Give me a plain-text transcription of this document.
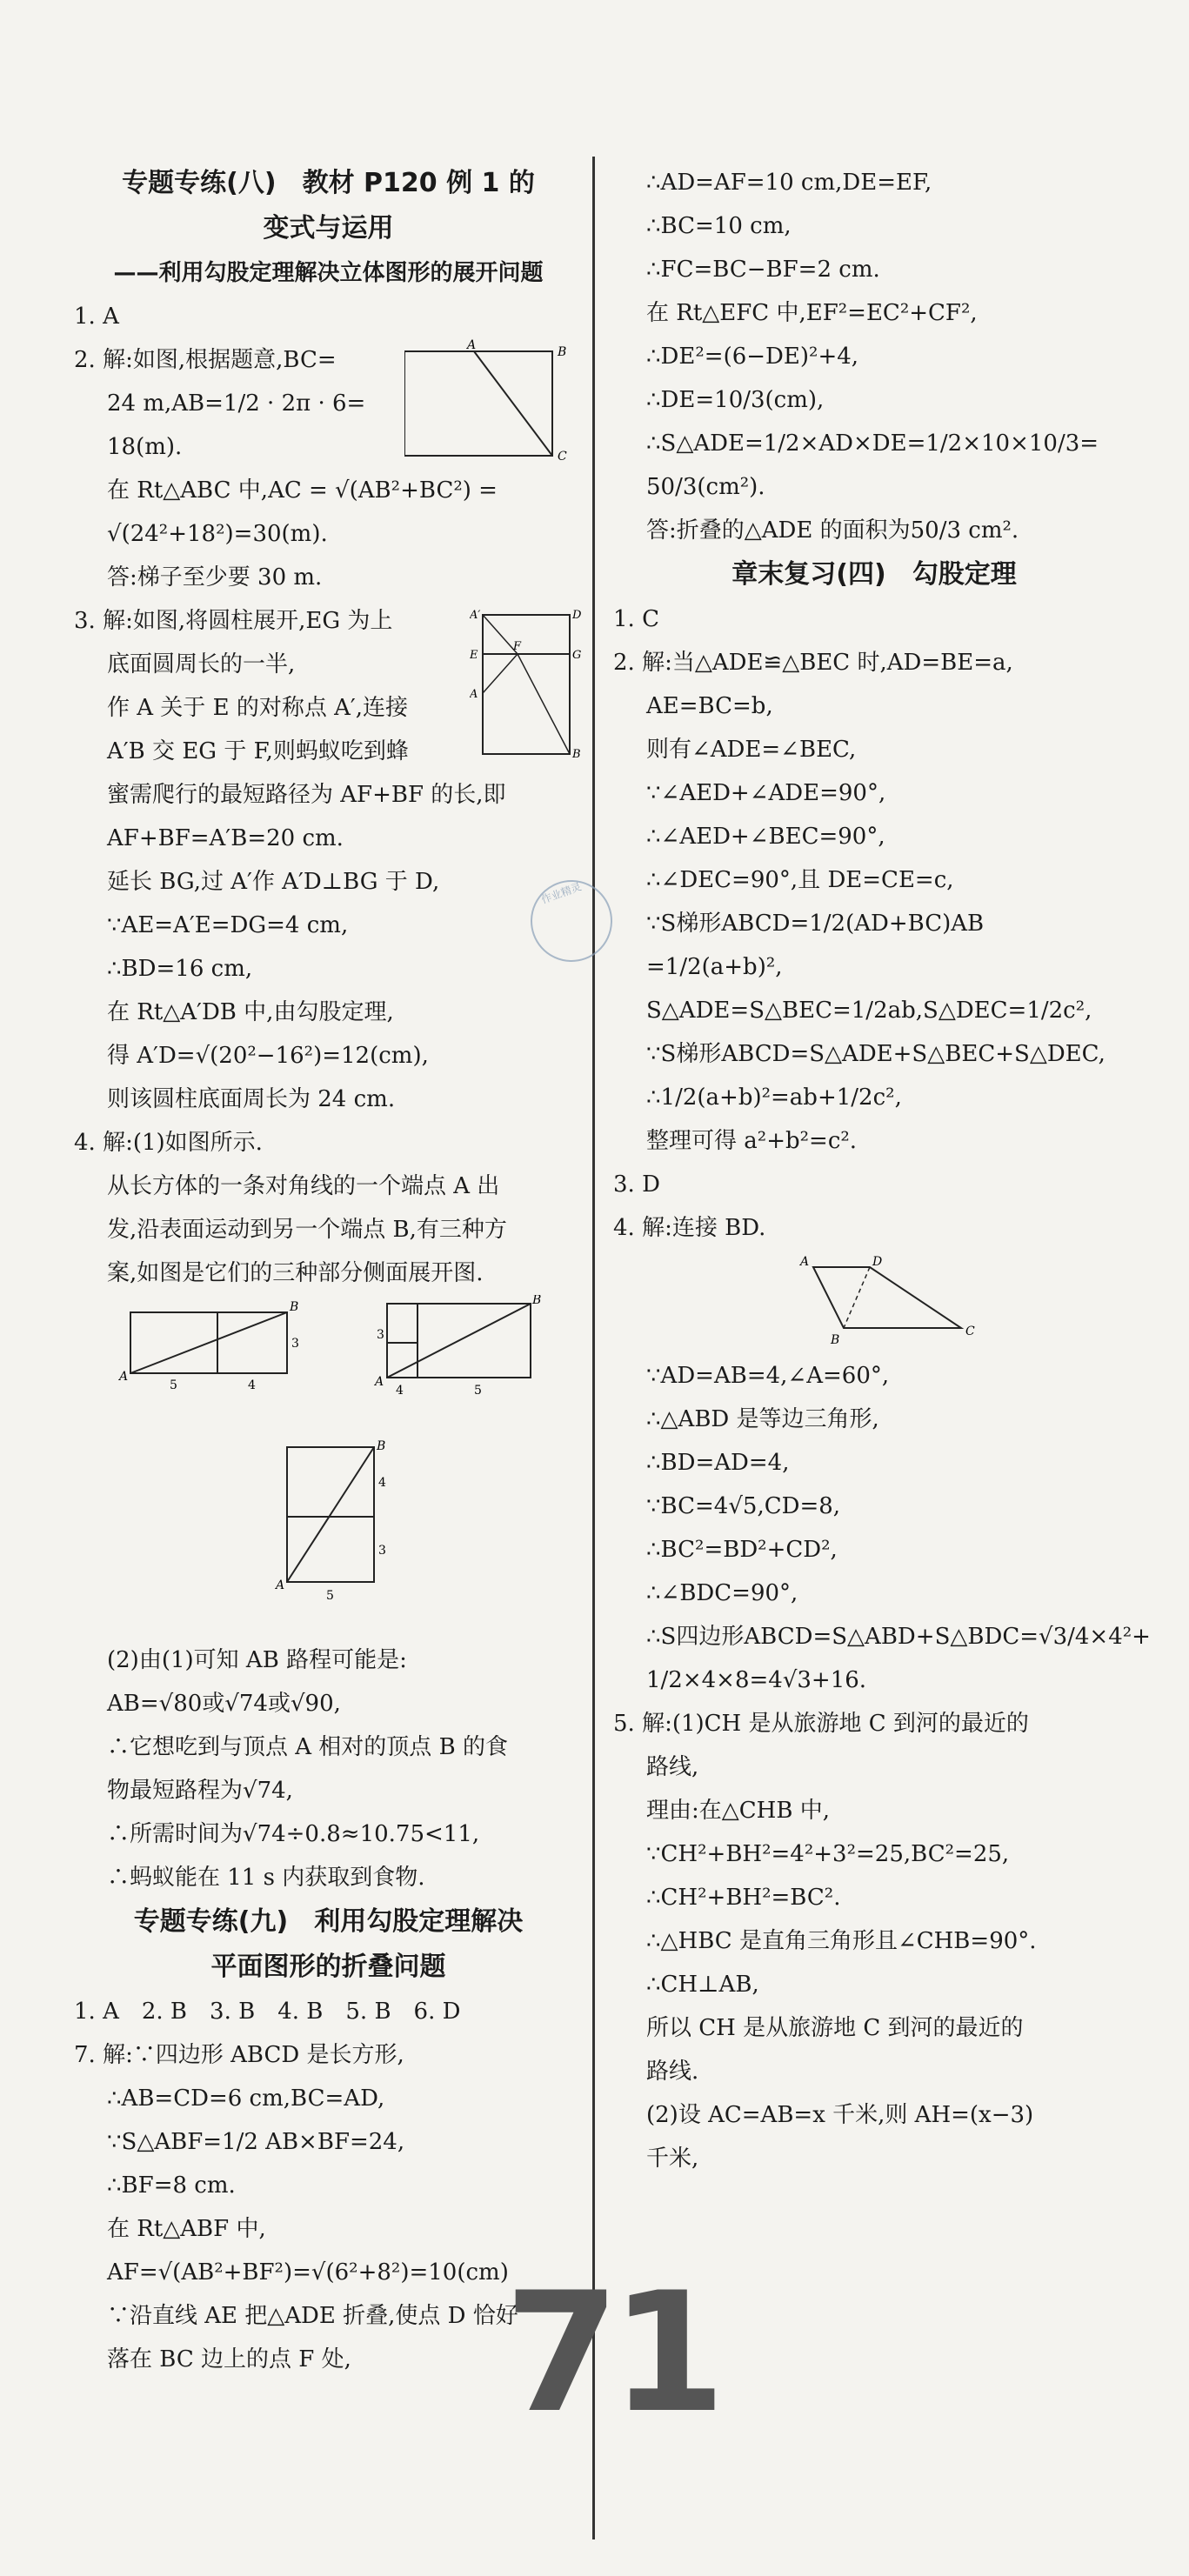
专题专练(八)　教材 P120 例 1 的
变式与运用
——利用勾股定理解决立体图形的展开问题
1. A
2. 解:如图,根据题意,BC=
24 m,AB=1/2 · 2π · 6=
18(m).
A	B
C
在 Rt△ABC 中,AC = √(AB²+BC²) =
√(24²+18²)=30(m).
答:梯子至少要 30 m.
3. 解:如图,将圆柱展开,EG 为上
底面圆周长的一半,
作 A 关于 E 的对称点 A′,连接
A′B 交 EG 于 F,则蚂蚁吃到蜂
A′
E
A
F
G
D
B
蜜需爬行的最短路径为 AF+BF 的长,即
AF+BF=A′B=20 cm.
延长 BG,过 A′作 A′D⊥BG 于 D,
∵AE=A′E=DG=4 cm,
∴BD=16 cm,
在 Rt△A′DB 中,由勾股定理,
得 A′D=√(20²−16²)=12(cm),
则该圆柱底面周长为 24 cm.
4. 解:(1)如图所示.
从长方体的一条对角线的一个端点 A 出
发,沿表面运动到另一个端点 B,有三种方
案,如图是它们的三种部分侧面展开图.
A
B
3
5	4	A
B
3
4	5
A
B
4
3
5
(2)由(1)可知 AB 路程可能是:
AB=√80或√74或√90,
∴它想吃到与顶点 A 相对的顶点 B 的食
物最短路程为√74,
∴所需时间为√74÷0.8≈10.75<11,
∴蚂蚁能在 11 s 内获取到食物.
专题专练(九)　利用勾股定理解决
平面图形的折叠问题
1. A　2. B　3. B　4. B　5. B　6. D
7. 解:∵四边形 ABCD 是长方形,
∴AB=CD=6 cm,BC=AD,
∵S△ABF=1/2 AB×BF=24,
∴BF=8 cm.
在 Rt△ABF 中,
AF=√(AB²+BF²)=√(6²+8²)=10(cm)
∵沿直线 AE 把△ADE 折叠,使点 D 恰好
落在 BC 边上的点 F 处,
∴AD=AF=10 cm,DE=EF,
∴BC=10 cm,
∴FC=BC−BF=2 cm.
在 Rt△EFC 中,EF²=EC²+CF²,
∴DE²=(6−DE)²+4,
∴DE=10/3(cm),
∴S△ADE=1/2×AD×DE=1/2×10×10/3=
50/3(cm²).
答:折叠的△ADE 的面积为50/3 cm².
章末复习(四)　勾股定理
1. C
2. 解:当△ADE≌△BEC 时,AD=BE=a,
AE=BC=b,
则有∠ADE=∠BEC,
∵∠AED+∠ADE=90°,
∴∠AED+∠BEC=90°,
∴∠DEC=90°,且 DE=CE=c,
∵S梯形ABCD=1/2(AD+BC)AB
=1/2(a+b)²,
S△ADE=S△BEC=1/2ab,S△DEC=1/2c²,
∵S梯形ABCD=S△ADE+S△BEC+S△DEC,
∴1/2(a+b)²=ab+1/2c²,
整理可得 a²+b²=c².
3. D
4. 解:连接 BD.
A	D
B
C
∵AD=AB=4,∠A=60°,
∴△ABD 是等边三角形,
∴BD=AD=4,
∵BC=4√5,CD=8,
∴BC²=BD²+CD²,
∴∠BDC=90°,
∴S四边形ABCD=S△ABD+S△BDC=√3/4×4²+
1/2×4×8=4√3+16.
5. 解:(1)CH 是从旅游地 C 到河的最近的
路线,
理由:在△CHB 中,
∵CH²+BH²=4²+3²=25,BC²=25,
∴CH²+BH²=BC².
∴△HBC 是直角三角形且∠CHB=90°.
∴CH⊥AB,
所以 CH 是从旅游地 C 到河的最近的
路线.
(2)设 AC=AB=x 千米,则 AH=(x−3)
千米,
作业精灵
71
